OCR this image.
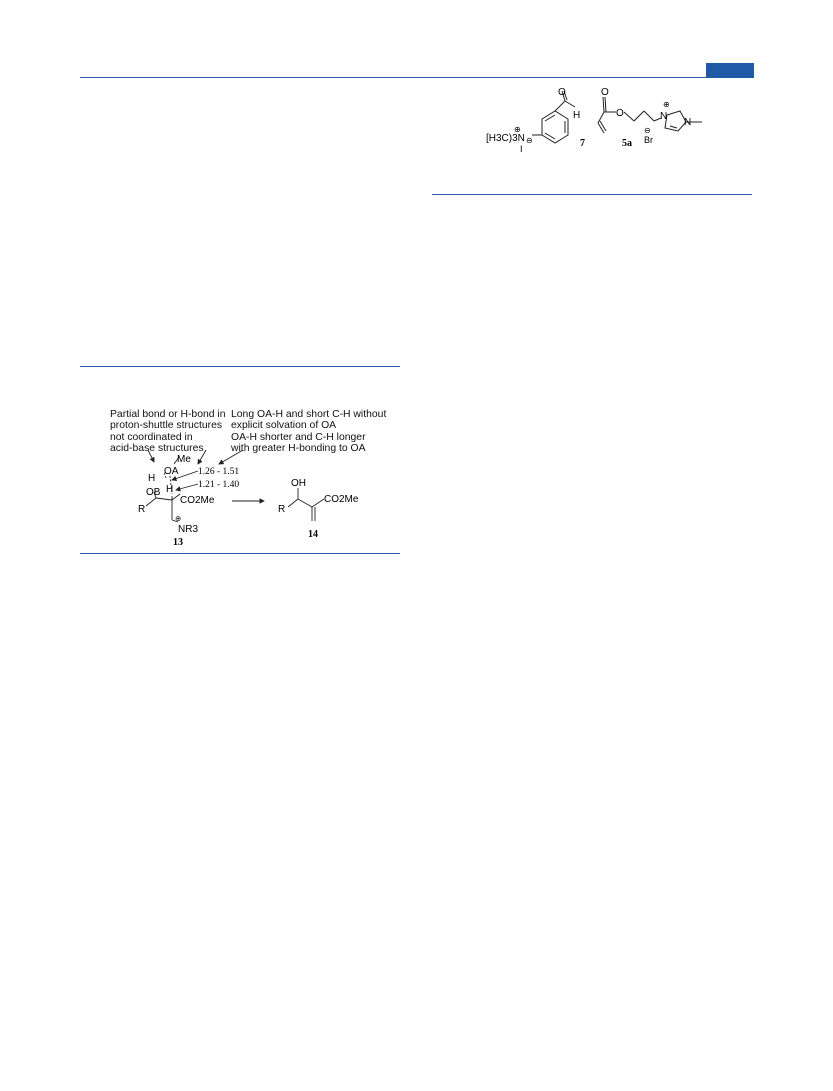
O
H
[H3C)3N
⊕
⊖
I	7
O
O	N
⊕
N
⊖
Br
5a
Partial bond or H-bond in
proton-shuttle structures
not coordinated in
acid-base structures
Long OA-H and short C-H without
explicit solvation of OA
OA-H shorter and C-H longer
with greater H-bonding to OA
Me
OA 1.26 - 1.51
H
1.21 - 1.40
OB H
CO2Me
R
⊕
NR3
13
OH
CO2Me
R
14
